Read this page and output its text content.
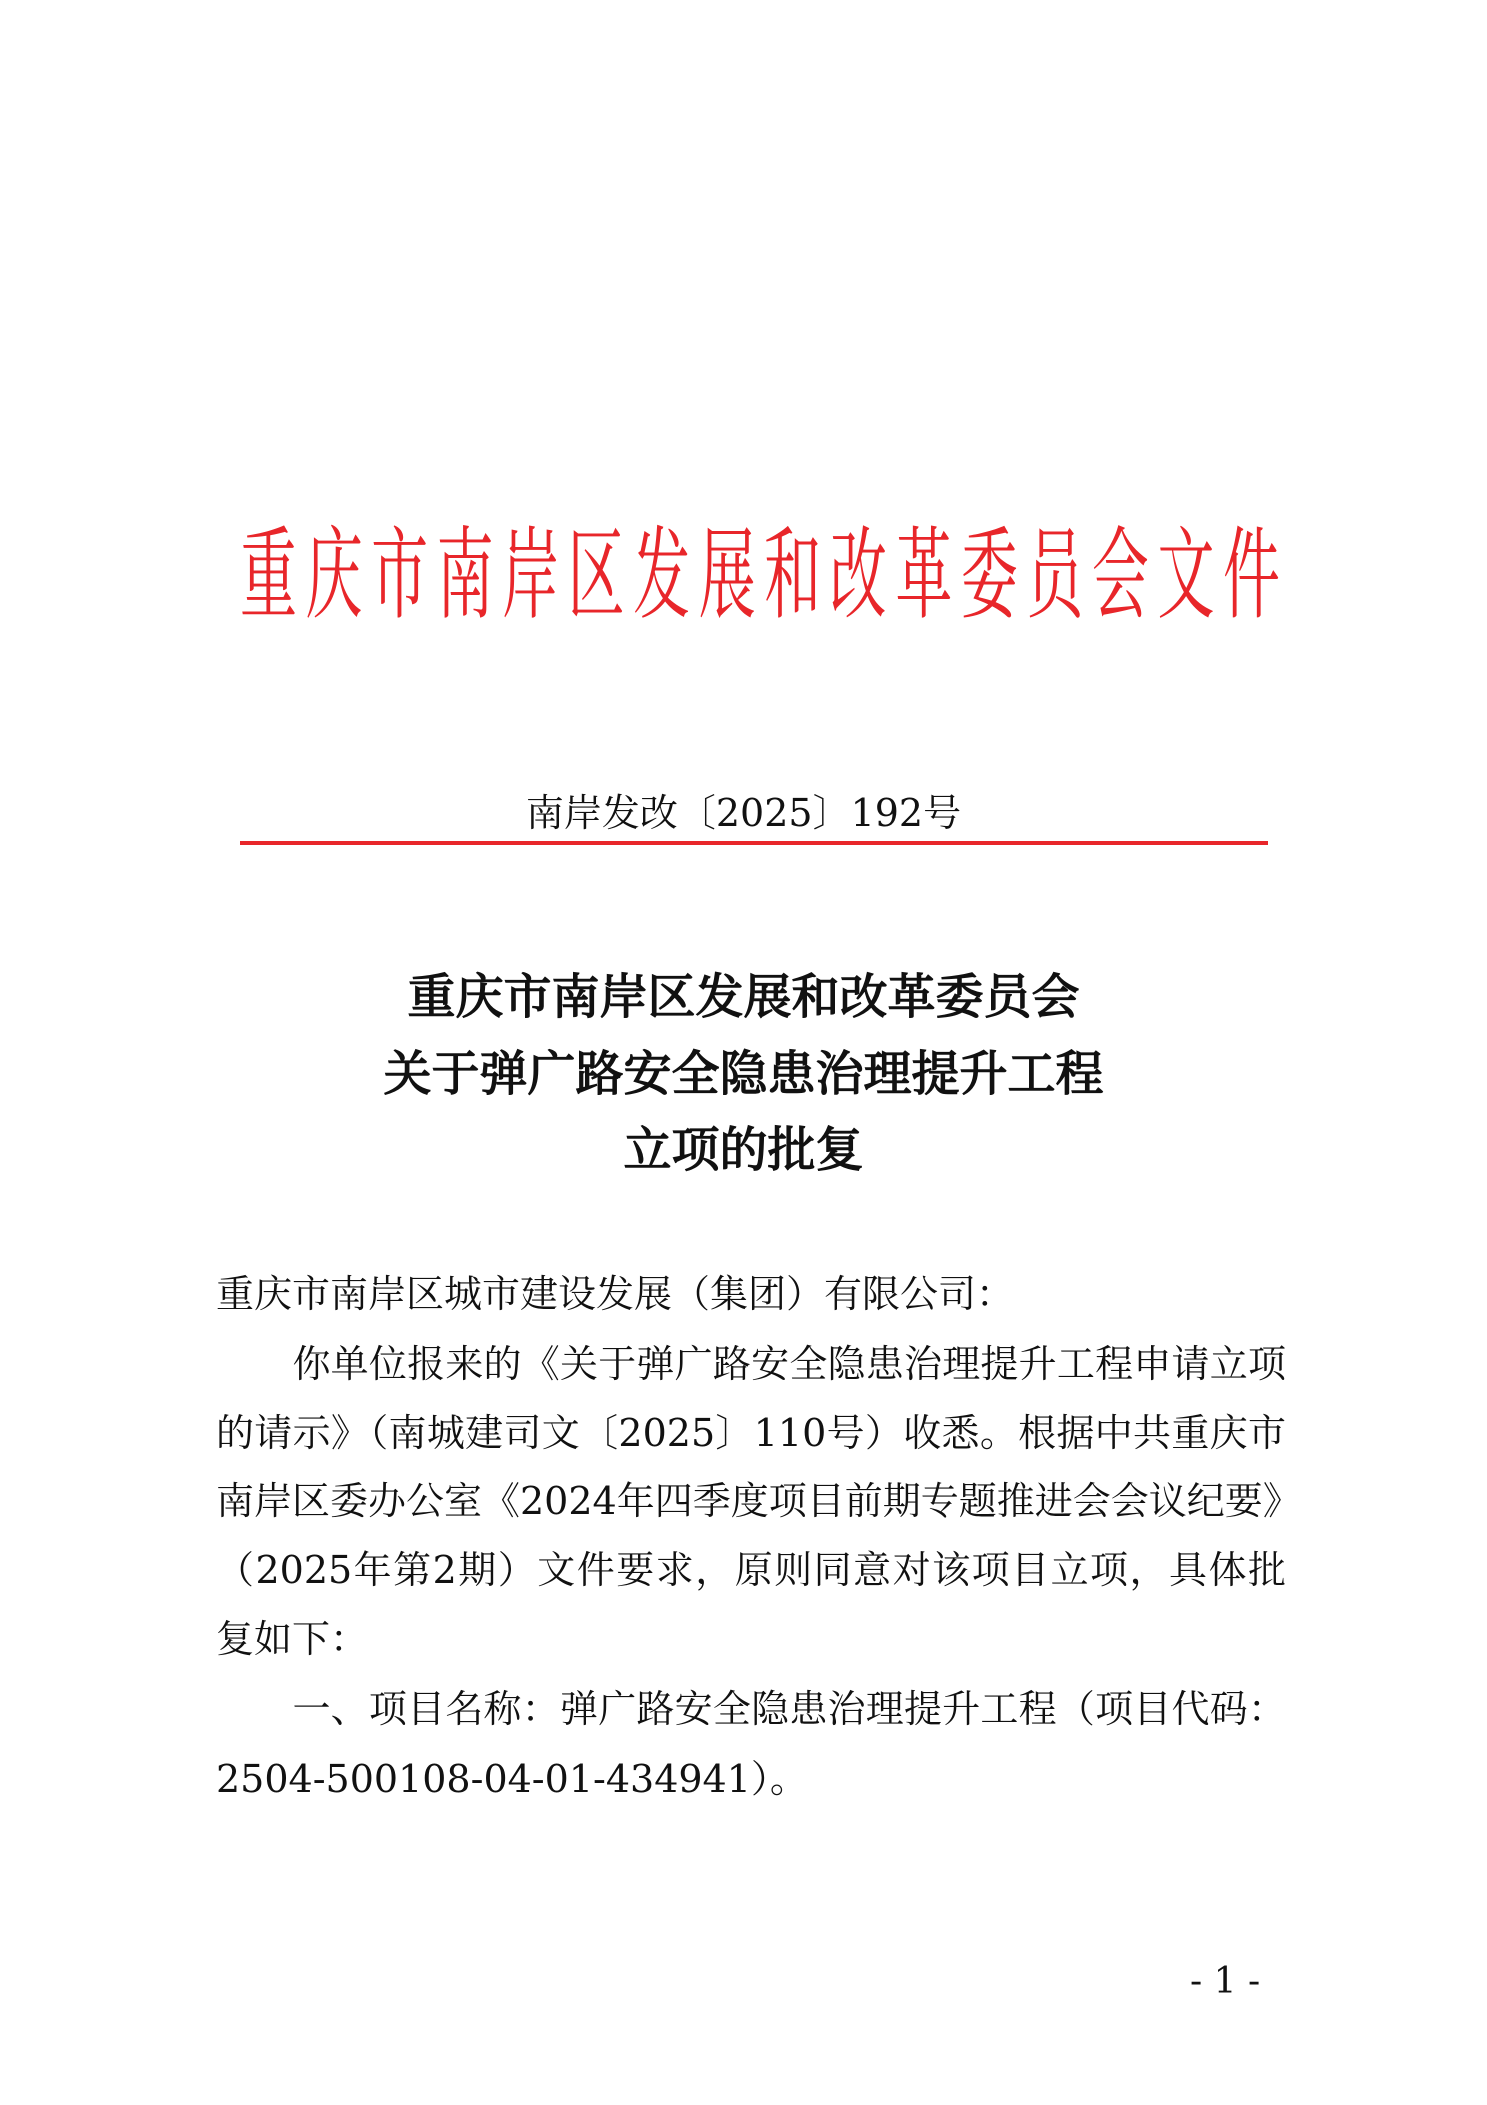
重庆市南岸区发展和改革委员会文件
南岸发改〔2025〕192号
重庆市南岸区发展和改革委员会
关于弹广路安全隐患治理提升工程
立项的批复
重庆市南岸区城市建设发展（集团）有限公司：
　　你单位报来的《关于弹广路安全隐患治理提升工程申请立项
的请示》（南城建司文〔2025〕110号）收悉。根据中共重庆市
南岸区委办公室《2024年四季度项目前期专题推进会会议纪要》
（2025年第2期）文件要求，原则同意对该项目立项，具体批
复如下：
　　一、项目名称：弹广路安全隐患治理提升工程（项目代码：
2504-500108-04-01-434941）。
- 1 -
